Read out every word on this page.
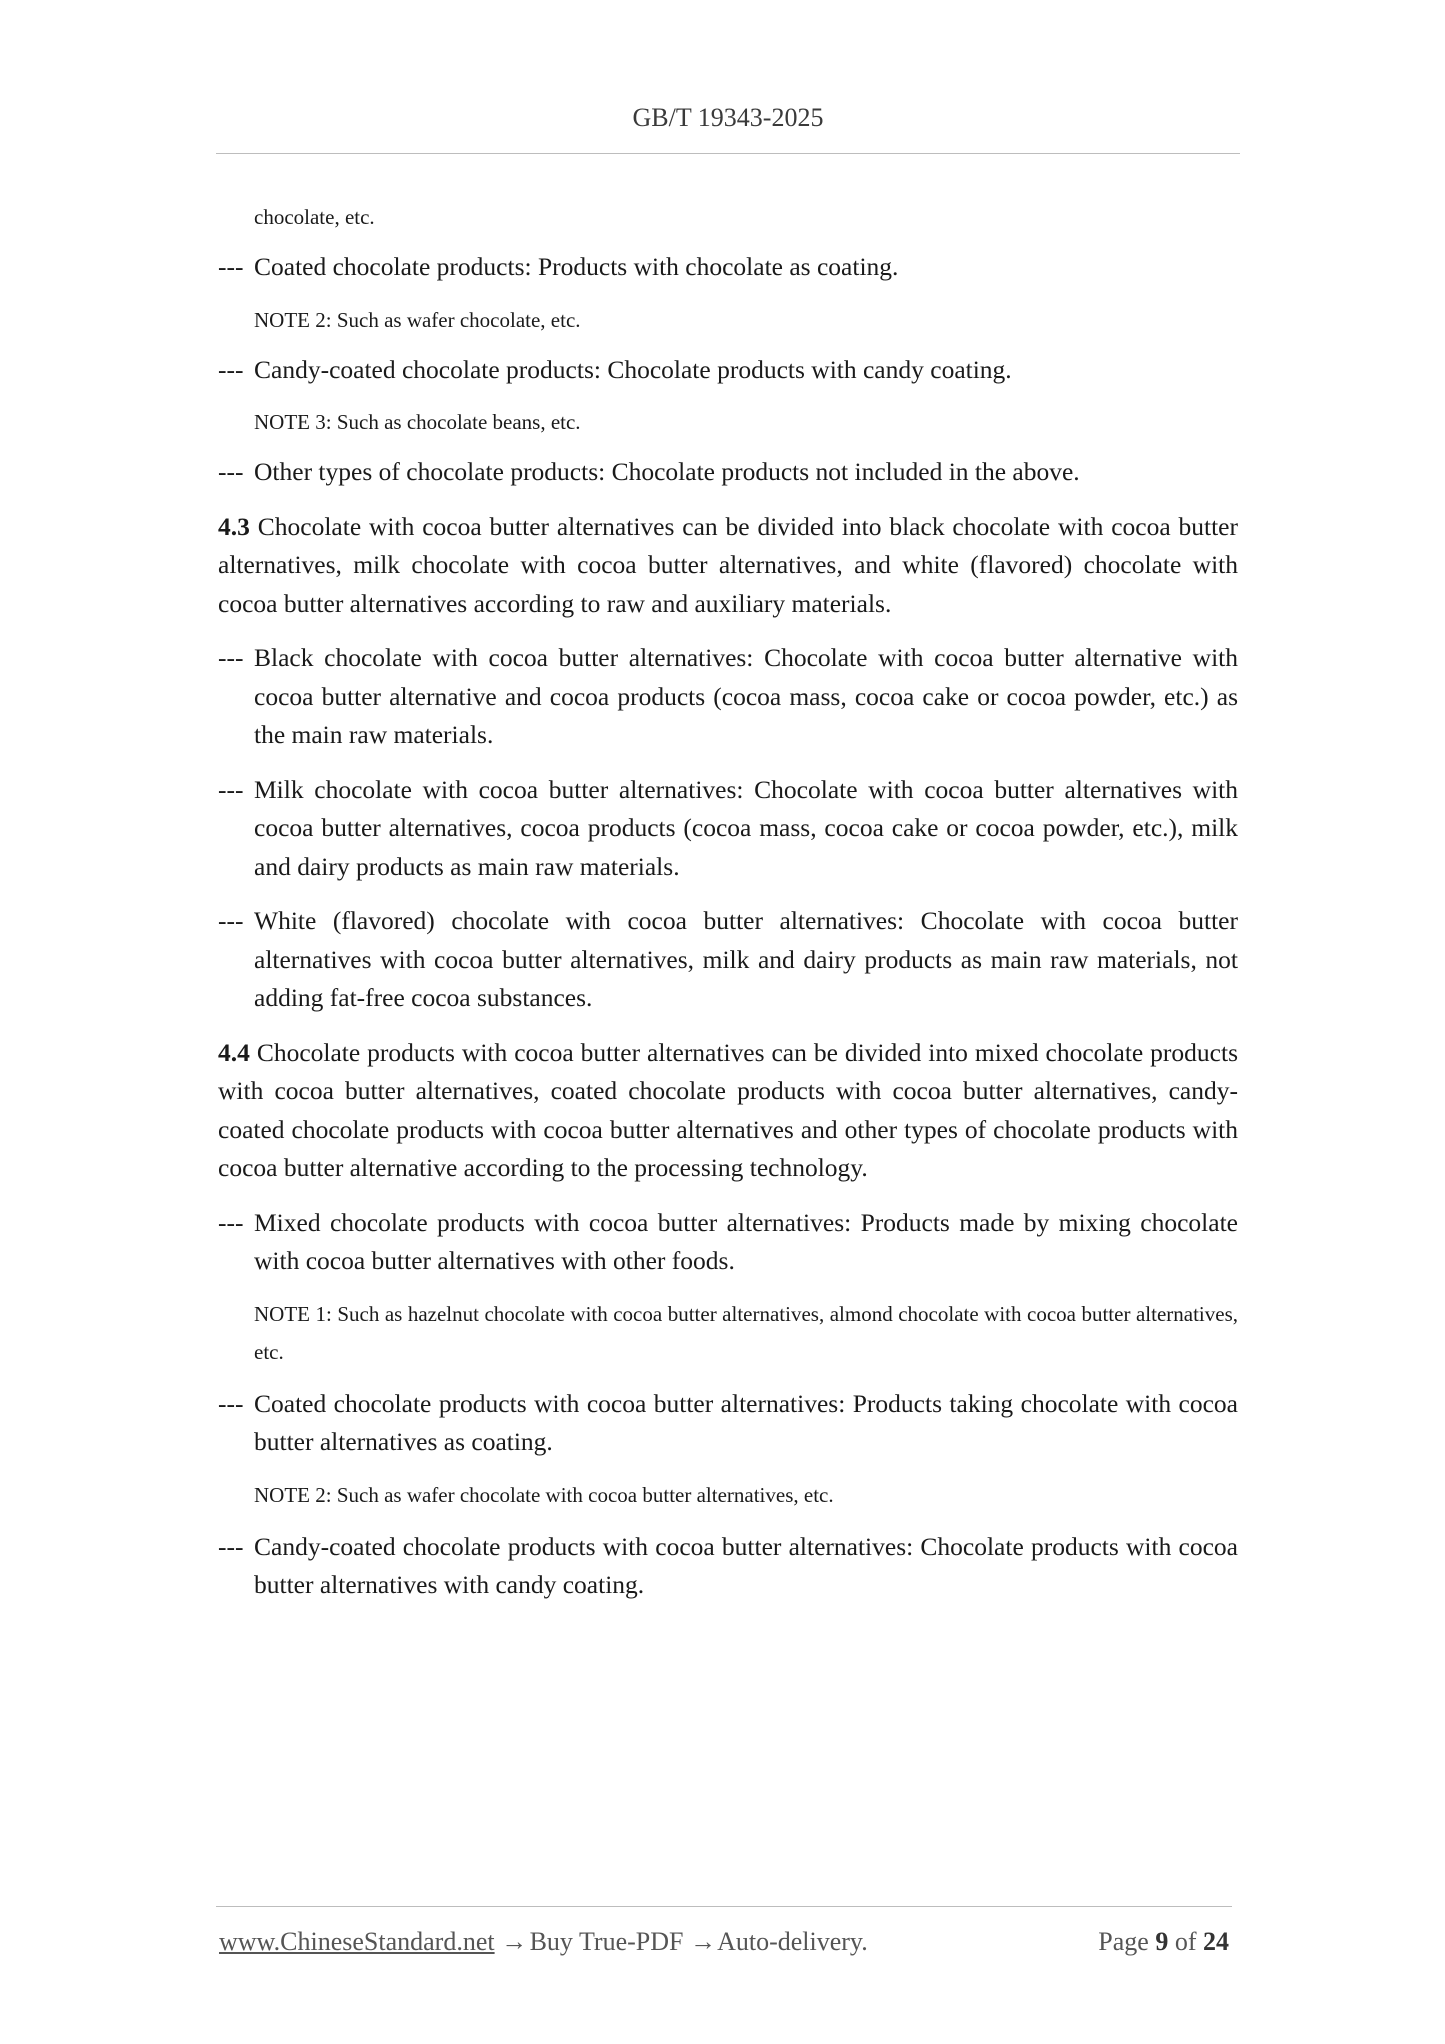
GB/T 19343-2025

chocolate, etc.

--- Coated chocolate products: Products with chocolate as coating.

NOTE 2: Such as wafer chocolate, etc.

--- Candy-coated chocolate products: Chocolate products with candy coating.

NOTE 3: Such as chocolate beans, etc.

--- Other types of chocolate products: Chocolate products not included in the above.

4.3 Chocolate with cocoa butter alternatives can be divided into black chocolate with cocoa butter alternatives, milk chocolate with cocoa butter alternatives, and white (flavored) chocolate with cocoa butter alternatives according to raw and auxiliary materials.

--- Black chocolate with cocoa butter alternatives: Chocolate with cocoa butter alternative with cocoa butter alternative and cocoa products (cocoa mass, cocoa cake or cocoa powder, etc.) as the main raw materials.
--- Milk chocolate with cocoa butter alternatives: Chocolate with cocoa butter alternatives with cocoa butter alternatives, cocoa products (cocoa mass, cocoa cake or cocoa powder, etc.), milk and dairy products as main raw materials.
--- White (flavored) chocolate with cocoa butter alternatives: Chocolate with cocoa butter alternatives with cocoa butter alternatives, milk and dairy products as main raw materials, not adding fat-free cocoa substances.

4.4 Chocolate products with cocoa butter alternatives can be divided into mixed chocolate products with cocoa butter alternatives, coated chocolate products with cocoa butter alternatives, candy-coated chocolate products with cocoa butter alternatives and other types of chocolate products with cocoa butter alternative according to the processing technology.

--- Mixed chocolate products with cocoa butter alternatives: Products made by mixing chocolate with cocoa butter alternatives with other foods.

NOTE 1: Such as hazelnut chocolate with cocoa butter alternatives, almond chocolate with cocoa butter alternatives, etc.

--- Coated chocolate products with cocoa butter alternatives: Products taking chocolate with cocoa butter alternatives as coating.

NOTE 2: Such as wafer chocolate with cocoa butter alternatives, etc.

--- Candy-coated chocolate products with cocoa butter alternatives: Chocolate products with cocoa butter alternatives with candy coating.
www.ChineseStandard.net → Buy True-PDF → Auto-delivery.	Page 9 of 24
